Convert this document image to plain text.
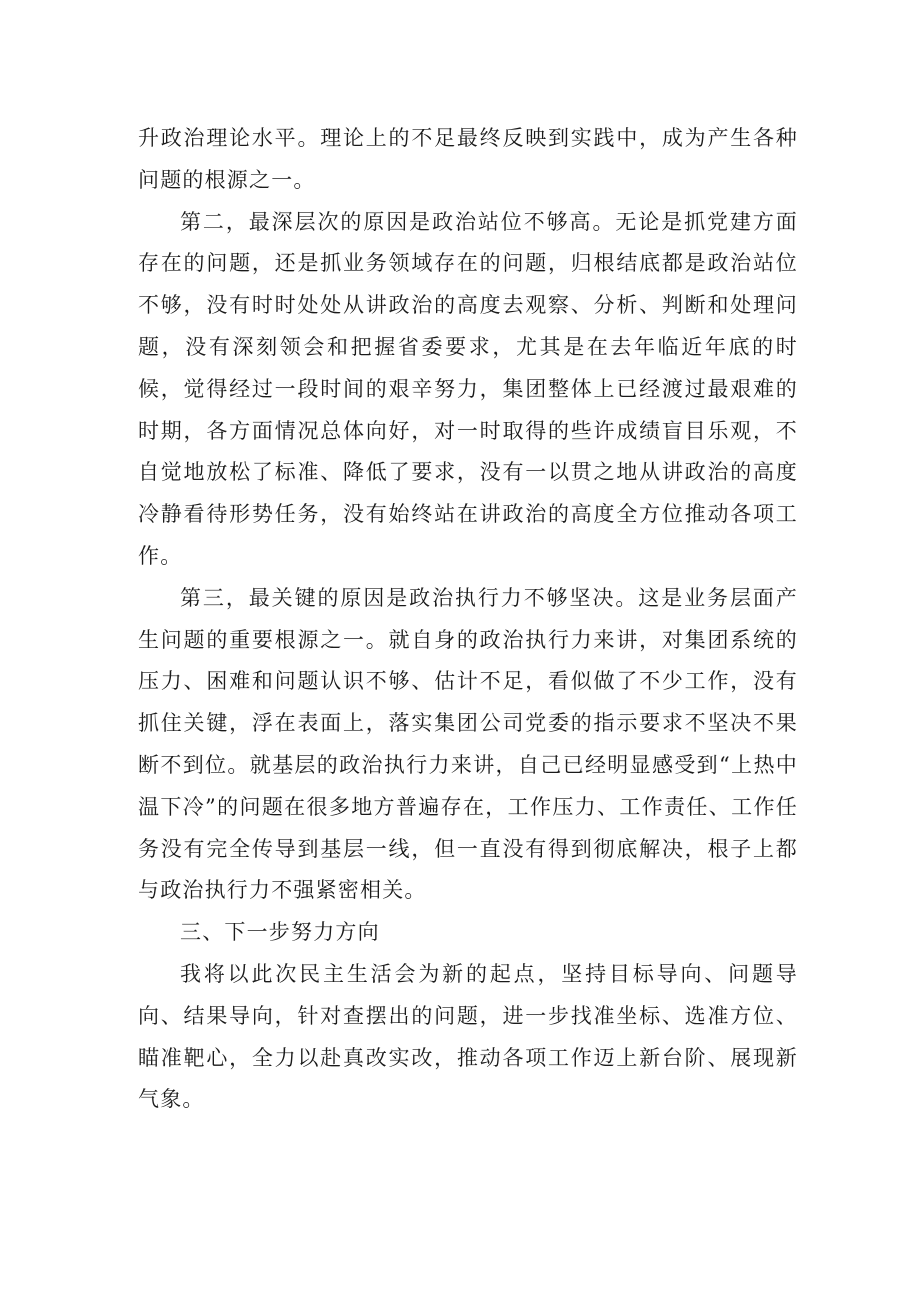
升政治理论水平。理论上的不足最终反映到实践中，成为产生各种问题的根源之一。

第二，最深层次的原因是政治站位不够高。无论是抓党建方面存在的问题，还是抓业务领域存在的问题，归根结底都是政治站位不够，没有时时处处从讲政治的高度去观察、分析、判断和处理问题，没有深刻领会和把握省委要求，尤其是在去年临近年底的时候，觉得经过一段时间的艰辛努力，集团整体上已经渡过最艰难的时期，各方面情况总体向好，对一时取得的些许成绩盲目乐观，不自觉地放松了标准、降低了要求，没有一以贯之地从讲政治的高度冷静看待形势任务，没有始终站在讲政治的高度全方位推动各项工作。

第三，最关键的原因是政治执行力不够坚决。这是业务层面产生问题的重要根源之一。就自身的政治执行力来讲，对集团系统的压力、困难和问题认识不够、估计不足，看似做了不少工作，没有抓住关键，浮在表面上，落实集团公司党委的指示要求不坚决不果断不到位。就基层的政治执行力来讲，自己已经明显感受到“上热中温下冷”的问题在很多地方普遍存在，工作压力、工作责任、工作任务没有完全传导到基层一线，但一直没有得到彻底解决，根子上都与政治执行力不强紧密相关。

三、下一步努力方向

我将以此次民主生活会为新的起点，坚持目标导向、问题导向、结果导向，针对查摆出的问题，进一步找准坐标、选准方位、瞄准靶心，全力以赴真改实改，推动各项工作迈上新台阶、展现新气象。
